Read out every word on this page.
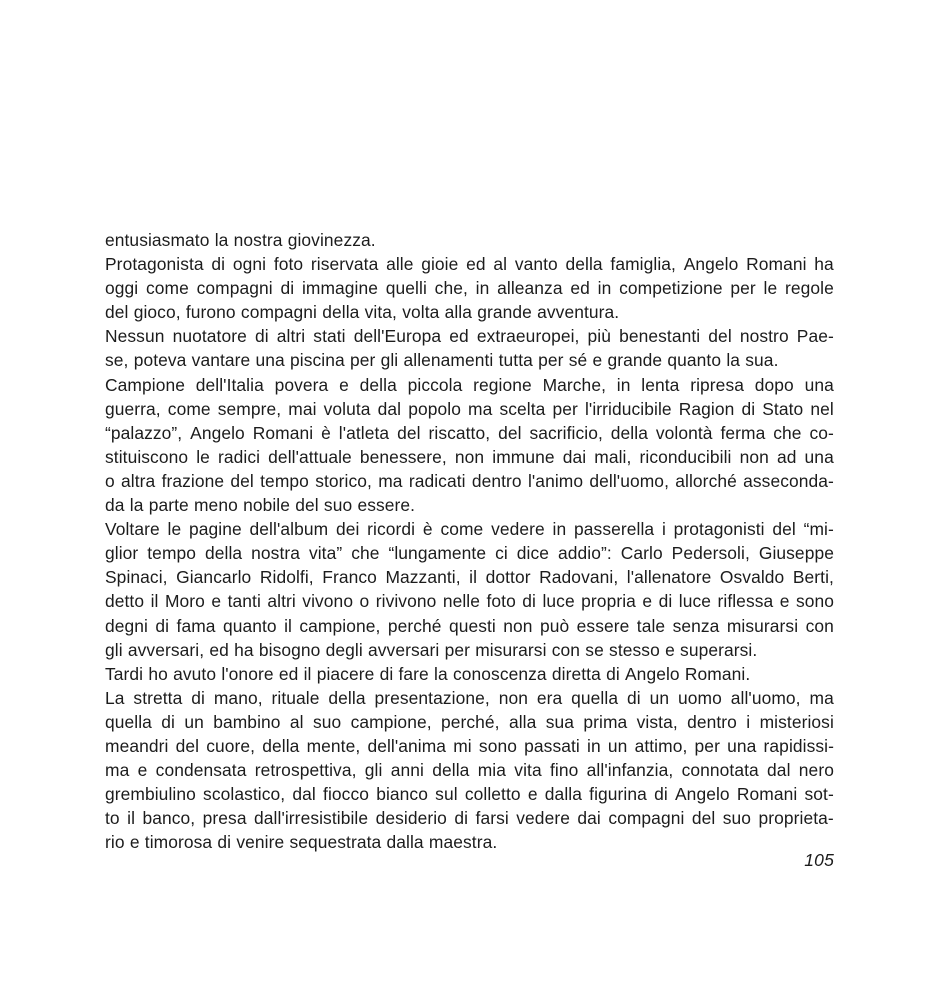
entusiasmato la nostra giovinezza.
Protagonista di ogni foto riservata alle gioie ed al vanto della famiglia, Angelo Romani ha
oggi come compagni di immagine quelli che, in alleanza ed in competizione per le regole
del gioco, furono compagni della vita, volta alla grande avventura.
Nessun nuotatore di altri stati dell'Europa ed extraeuropei, più benestanti del nostro Pae-
se, poteva vantare una piscina per gli allenamenti tutta per sé e grande quanto la sua.
Campione dell'Italia povera e della piccola regione Marche, in lenta ripresa dopo una
guerra, come sempre, mai voluta dal popolo ma scelta per l'irriducibile Ragion di Stato nel
“palazzo”, Angelo Romani è l'atleta del riscatto, del sacrificio, della volontà ferma che co-
stituiscono le radici dell'attuale benessere, non immune dai mali, riconducibili non ad una
o altra frazione del tempo storico, ma radicati dentro l'animo dell'uomo, allorché asseconda-
da la parte meno nobile del suo essere.
Voltare le pagine dell'album dei ricordi è come vedere in passerella i protagonisti del “mi-
glior tempo della nostra vita” che “lungamente ci dice addio”: Carlo Pedersoli, Giuseppe
Spinaci, Giancarlo Ridolfi, Franco Mazzanti, il dottor Radovani, l'allenatore Osvaldo Berti,
detto il Moro e tanti altri vivono o rivivono nelle foto di luce propria e di luce riflessa e sono
degni di fama quanto il campione, perché questi non può essere tale senza misurarsi con
gli avversari, ed ha bisogno degli avversari per misurarsi con se stesso e superarsi.
Tardi ho avuto l'onore ed il piacere di fare la conoscenza diretta di Angelo Romani.
La stretta di mano, rituale della presentazione, non era quella di un uomo all'uomo, ma
quella di un bambino al suo campione, perché, alla sua prima vista, dentro i misteriosi
meandri del cuore, della mente, dell'anima mi sono passati in un attimo, per una rapidissi-
ma e condensata retrospettiva, gli anni della mia vita fino all'infanzia, connotata dal nero
grembiulino scolastico, dal fiocco bianco sul colletto e dalla figurina di Angelo Romani sot-
to il banco, presa dall'irresistibile desiderio di farsi vedere dai compagni del suo proprieta-
rio e timorosa di venire sequestrata dalla maestra.
105
